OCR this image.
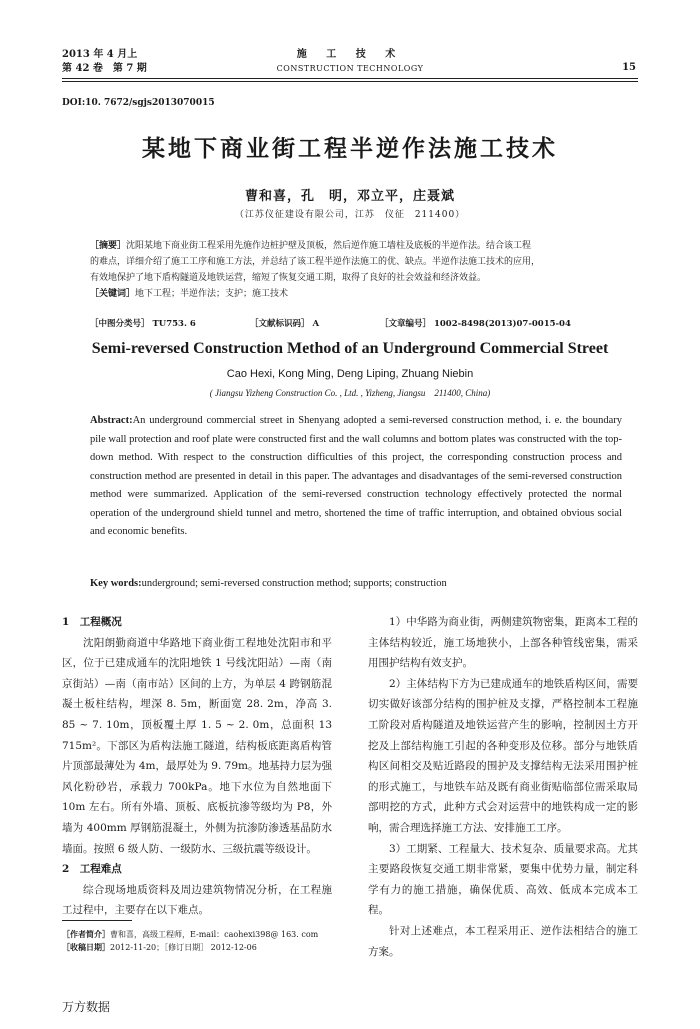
2013 年 4 月上
第 42 卷　第 7 期
施 工 技 术
CONSTRUCTION TECHNOLOGY	15
DOI:10. 7672/sgjs2013070015
某地下商业街工程半逆作法施工技术
曹和喜，孔　明，邓立平，庄聂斌
（江苏仪征建设有限公司，江苏　仪征　211400）
［摘要］沈阳某地下商业街工程采用先施作边桩护壁及顶板，然后逆作施工墙柱及底板的半逆作法。结合该工程
的难点，详细介绍了施工工序和施工方法，并总结了该工程半逆作法施工的优、缺点。半逆作法施工技术的应用，
有效地保护了地下盾构隧道及地铁运营，缩短了恢复交通工期，取得了良好的社会效益和经济效益。
［关键词］地下工程；半逆作法；支护；施工技术
［中图分类号］ TU753. 6	［文献标识码］ A	［文章编号］ 1002-8498(2013)07-0015-04
Semi-reversed Construction Method of an Underground Commercial Street
Cao Hexi, Kong Ming, Deng Liping, Zhuang Niebin
( Jiangsu Yizheng Construction Co. , Ltd. , Yizheng, Jiangsu　211400, China)
Abstract:An underground commercial street in Shenyang adopted a semi-reversed construction method, i. e. the boundary pile wall protection and roof plate were constructed first and the wall columns and bottom plates was constructed with the top-down method. With respect to the construction difficulties of this project, the corresponding construction process and construction method are presented in detail in this paper. The advantages and disadvantages of the semi-reversed construction method were summarized. Application of the semi-reversed construction technology effectively protected the normal operation of the underground shield tunnel and metro, shortened the time of traffic interruption, and obtained obvious social and economic benefits.
Key words:underground; semi-reversed construction method; supports; construction
1　工程概况

沈阳朗勤商道中华路地下商业街工程地处沈阳市和平区，位于已建成通车的沈阳地铁 1 号线沈阳站）—南（南京街站）—南（南市站）区间的上方，为单层 4 跨钢筋混凝土板柱结构，埋深 8. 5m，断面宽 28. 2m，净高 3. 85 ~ 7. 10m，顶板覆土厚 1. 5 ~ 2. 0m，总面积 13 715m²。下部区为盾构法施工隧道，结构板底距离盾构管片顶部最薄处为 4m，最厚处为 9. 79m。地基持力层为强风化粉砂岩，承载力 700kPa。地下水位为自然地面下 10m 左右。所有外墙、顶板、底板抗渗等级均为 P8，外墙为 400mm 厚钢筋混凝土，外侧为抗渗防渗透基晶防水墙面。按照 6 级人防、一级防水、三级抗震等级设计。

2　工程难点

综合现场地质资料及周边建筑物情况分析，在工程施工过程中，主要存在以下难点。

1）中华路为商业街，两侧建筑物密集，距离本工程的主体结构较近，施工场地狭小，上部各种管线密集，需采用围护结构有效支护。

2）主体结构下方为已建成通车的地铁盾构区间，需要切实做好该部分结构的围护桩及支撑，严格控制本工程施工阶段对盾构隧道及地铁运营产生的影响，控制因土方开挖及上部结构施工引起的各种变形及位移。部分与地铁盾构区间相交及贴近路段的围护及支撑结构无法采用围护桩的形式施工，与地铁车站及既有商业街贴临部位需采取局部明挖的方式，此种方式会对运营中的地铁构成一定的影响，需合理选择施工方法、安排施工工序。

3）工期紧、工程量大、技术复杂、质量要求高。尤其主要路段恢复交通工期非常紧，要集中优势力量，制定科学有力的施工措施，确保优质、高效、低成本完成本工程。

针对上述难点，本工程采用正、逆作法相结合的施工方案。

［作者简介］曹和喜，高级工程师，E-mail：caohexi398@ 163. com
［收稿日期］2012-11-20；［修订日期］ 2012-12-06
万方数据
